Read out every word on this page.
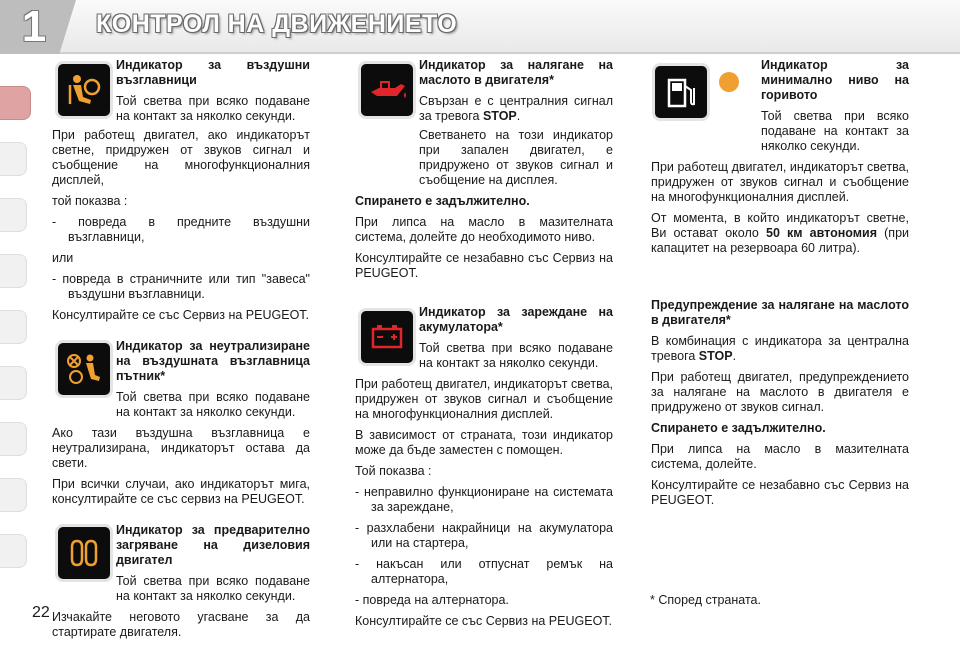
1	КОНТРОЛ НА ДВИЖЕНИЕТО

Индикатор за въздушни възглавници

Той светва при всяко подаване на контакт за няколко секунди.

При работещ двигател, ако индикаторът светне, придружен от звуков сигнал и съобщение на многофункционалния дисплей,

той показва :

- повреда в предните въздушни възглавници,

или

- повреда в страничните или тип "завеса" въздушни възглавници.

Консултирайте се със Сервиз на PEUGEOT.

Индикатор за неутрализиране на въздушната възглавница пътник*

Той светва при всяко подаване на контакт за няколко секунди.

Ако тази въздушна възглавница е неутрализирана, индикаторът остава да свети.

При всички случаи, ако индикаторът мига, консултирайте се със сервиз на PEUGEOT.

Индикатор за предварително загряване на дизеловия двигател

Той светва при всяко подаване на контакт за няколко секунди.

Изчакайте неговото угасване за да стартирате двигателя.

Индикатор за налягане на маслото в двигателя*

Свързан е с централния сигнал за тревога STOP.

Светването на този индикатор при запален двигател, е придружено от звуков сигнал и съобщение на дисплея.

Спирането е задължително.

При липса на масло в мазителната система, долейте до необходимото ниво.

Консултирайте се незабавно със Сервиз на PEUGEOT.

Индикатор за зареждане на акумулатора*

Той светва при всяко подаване на контакт за няколко секунди.

При работещ двигател, индикаторът светва, придружен от звуков сигнал и съобщение на многофункционалния дисплей.

В зависимост от страната, този индикатор може да бъде заместен с помощен.

Той показва :

- неправилно функциониране на системата за зареждане,

- разхлабени накрайници на акумулатора или на стартера,

- накъсан или отпуснат ремък на алтернатора,

- повреда на алтернатора.

Консултирайте се със Сервиз на PEUGEOT.

Индикатор за минимално ниво на горивото

Той светва при всяко подаване на контакт за няколко секунди.

При работещ двигател, индикаторът светва, придружен от звуков сигнал и съобщение на многофункционалния дисплей.

От момента, в който индикаторът светне, Ви остават около 50 км автономия (при капацитет на резервоара 60 литра).

Предупреждение за налягане на маслото в двигателя*

В комбинация с индикатора за централна тревога STOP.

При работещ двигател, предупреждението за налягане на маслото в двигателя е придружено от звуков сигнал.

Спирането е задължително.

При липса на масло в мазителната система, долейте.

Консултирайте се незабавно със Сервиз на PEUGEOT.

22
* Според страната.
